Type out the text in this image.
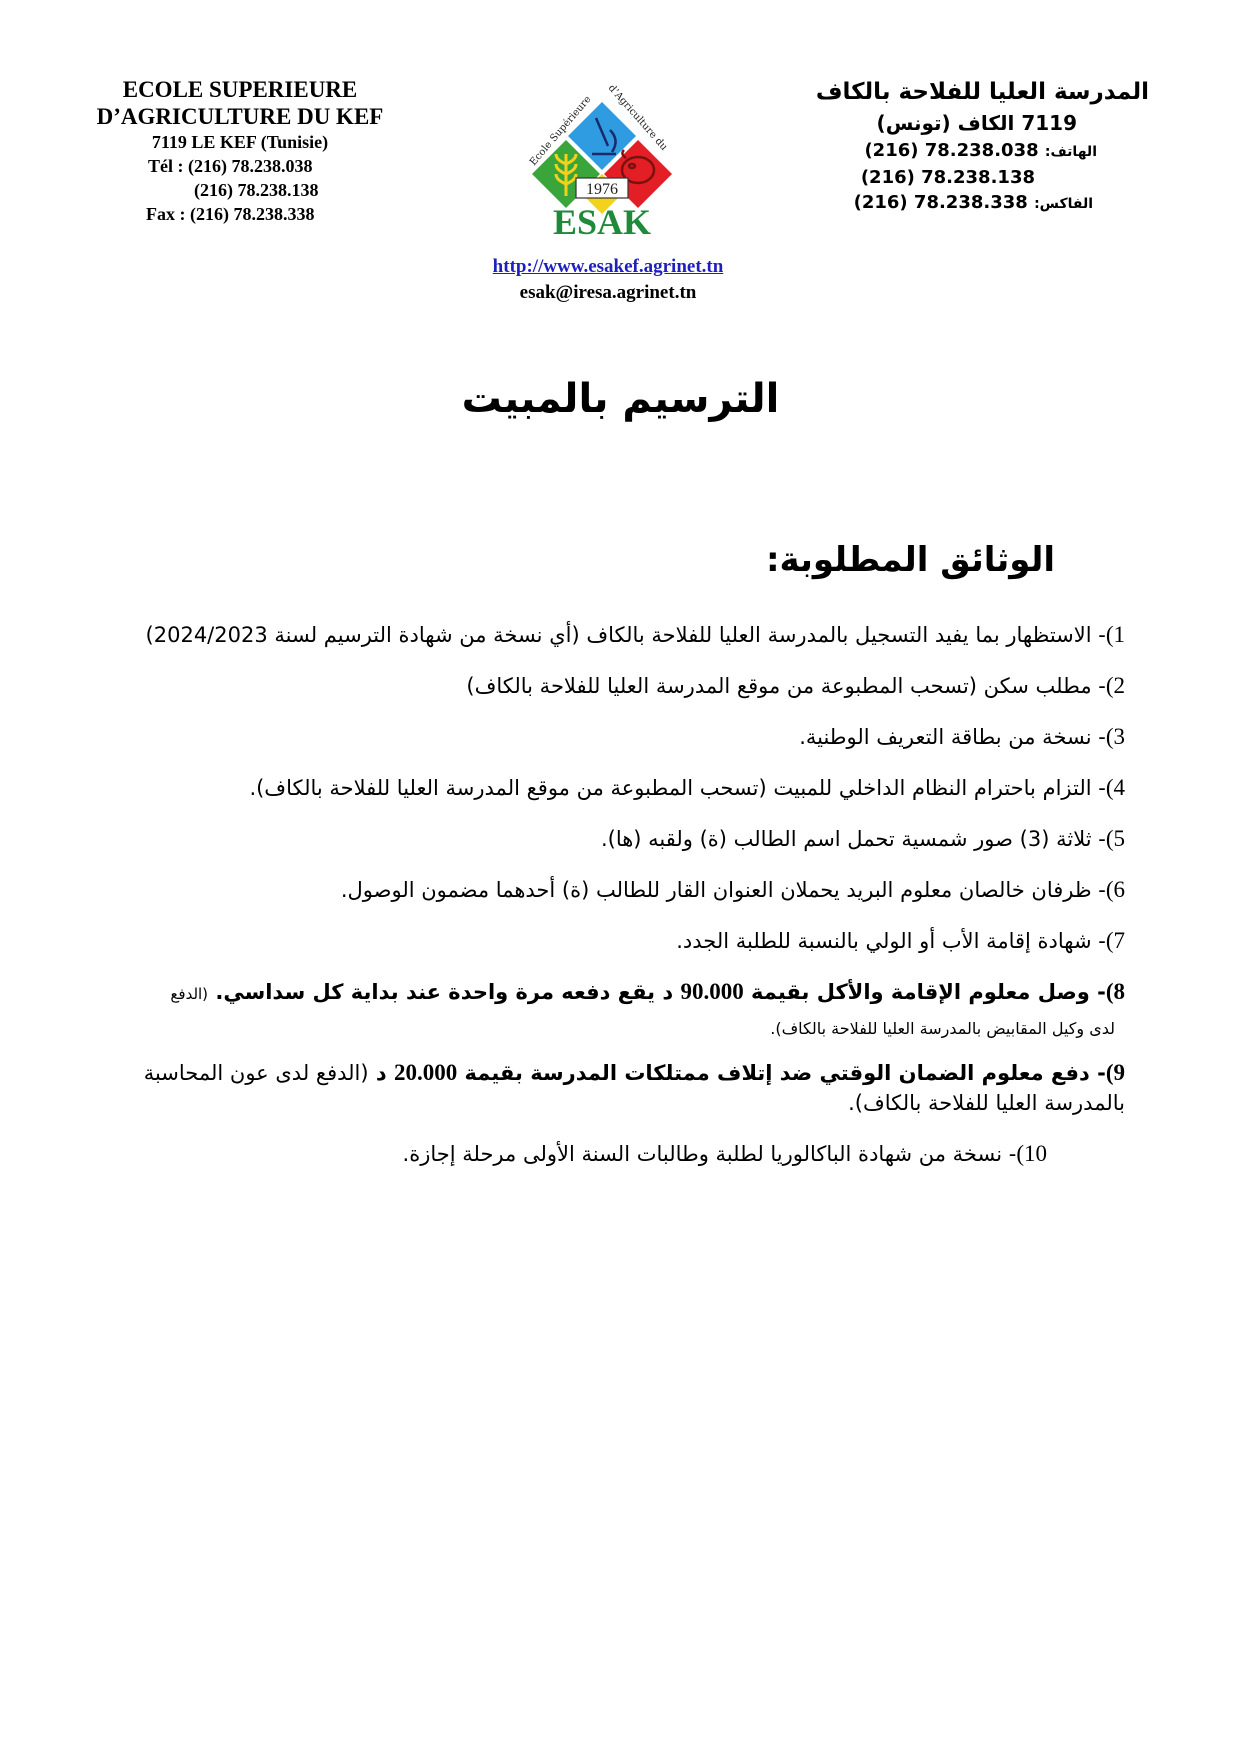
ECOLE SUPERIEURE
D’AGRICULTURE DU KEF
7119 LE KEF (Tunisie)
Tél : (216) 78.238.038
(216) 78.238.138
Fax : (216) 78.238.338
Ecole Supérieure
d’Agriculture du
1976
ESAK
http://www.esakef.agrinet.tn
esak@iresa.agrinet.tn
المدرسة العليا للفلاحة بالكاف
7119 الكاف (تونس)
الهاتف: (216) 78.238.038
(216) 78.238.138
الفاكس: (216) 78.238.338
الترسيم بالمبيت
الوثائق المطلوبة:
1)- الاستظهار بما يفيد التسجيل بالمدرسة العليا للفلاحة بالكاف (أي نسخة من شهادة الترسيم لسنة 2024/2023)
2)- مطلب سكن (تسحب المطبوعة من موقع المدرسة العليا للفلاحة بالكاف)
3)- نسخة من بطاقة التعريف الوطنية.
4)- التزام باحترام النظام الداخلي للمبيت (تسحب المطبوعة من موقع المدرسة العليا للفلاحة بالكاف).
5)- ثلاثة (3) صور شمسية تحمل اسم الطالب (ة) ولقبه (ها).
6)- ظرفان خالصان معلوم البريد يحملان العنوان القار للطالب (ة) أحدهما مضمون الوصول.
7)- شهادة إقامة الأب أو الولي بالنسبة للطلبة الجدد.
8)- وصل معلوم الإقامة والأكل بقيمة 90.000 د يقع دفعه مرة واحدة عند بداية كل سداسي. (الدفع
لدى وكيل المقابيض بالمدرسة العليا للفلاحة بالكاف).
9)- دفع معلوم الضمان الوقتي ضد إتلاف ممتلكات المدرسة بقيمة 20.000 د (الدفع لدى عون المحاسبة بالمدرسة العليا للفلاحة بالكاف).
10)- نسخة من شهادة الباكالوريا لطلبة وطالبات السنة الأولى مرحلة إجازة.
